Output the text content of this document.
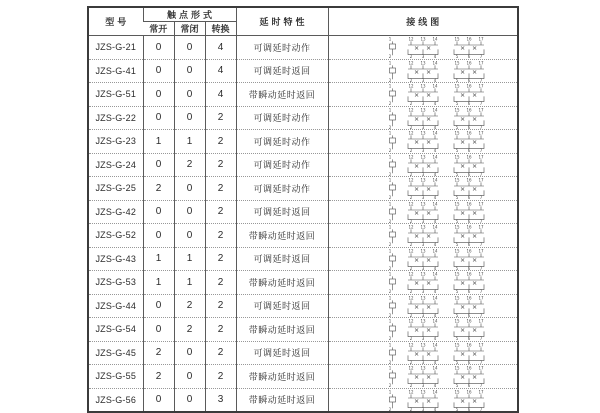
型号	触点形式			延时特性	接线图
	常开	常闭	转换		
JZS-G-21	0	0	4	可调延时动作	
1
2
12 13 14
2 3 4
15 16 17
5 6 7

JZS-G-41	0	0	4	可调延时返回	
1
2
12 13 14
2 3 4
15 16 17
5 6 7

JZS-G-51	0	0	4	带瞬动延时返回	
1
2
12 13 14
2 3 4
15 16 17
5 6 7

JZS-G-22	0	0	2	可调延时动作	
1
2
12 13 14
2 3 4
15 16 17
5 6 7

JZS-G-23	1	1	2	可调延时动作	
1
2
12 13 14
2 3 4
15 16 17
5 6 7

JZS-G-24	0	2	2	可调延时动作	
1
2
12 13 14
2 3 4
15 16 17
5 6 7

JZS-G-25	2	0	2	可调延时动作	
1
2
12 13 14
2 3 4
15 16 17
5 6 7

JZS-G-42	0	0	2	可调延时返回	
1
2
12 13 14
2 3 4
15 16 17
5 6 7

JZS-G-52	0	0	2	带瞬动延时返回	
1
2
12 13 14
2 3 4
15 16 17
5 6 7

JZS-G-43	1	1	2	可调延时返回	
1
2
12 13 14
2 3 4
15 16 17
5 6 7

JZS-G-53	1	1	2	带瞬动延时返回	
1
2
12 13 14
2 3 4
15 16 17
5 6 7

JZS-G-44	0	2	2	可调延时返回	
1
2
12 13 14
2 3 4
15 16 17
5 6 7

JZS-G-54	0	2	2	带瞬动延时返回	
1
2
12 13 14
2 3 4
15 16 17
5 6 7

JZS-G-45	2	0	2	可调延时返回	
1
2
12 13 14
2 3 4
15 16 17
5 6 7

JZS-G-55	2	0	2	带瞬动延时返回	
1
2
12 13 14
2 3 4
15 16 17
5 6 7

JZS-G-56	0	0	3	带瞬动延时返回	
1
2
12 13 14
2 3 4
15 16 17
5 6 7
